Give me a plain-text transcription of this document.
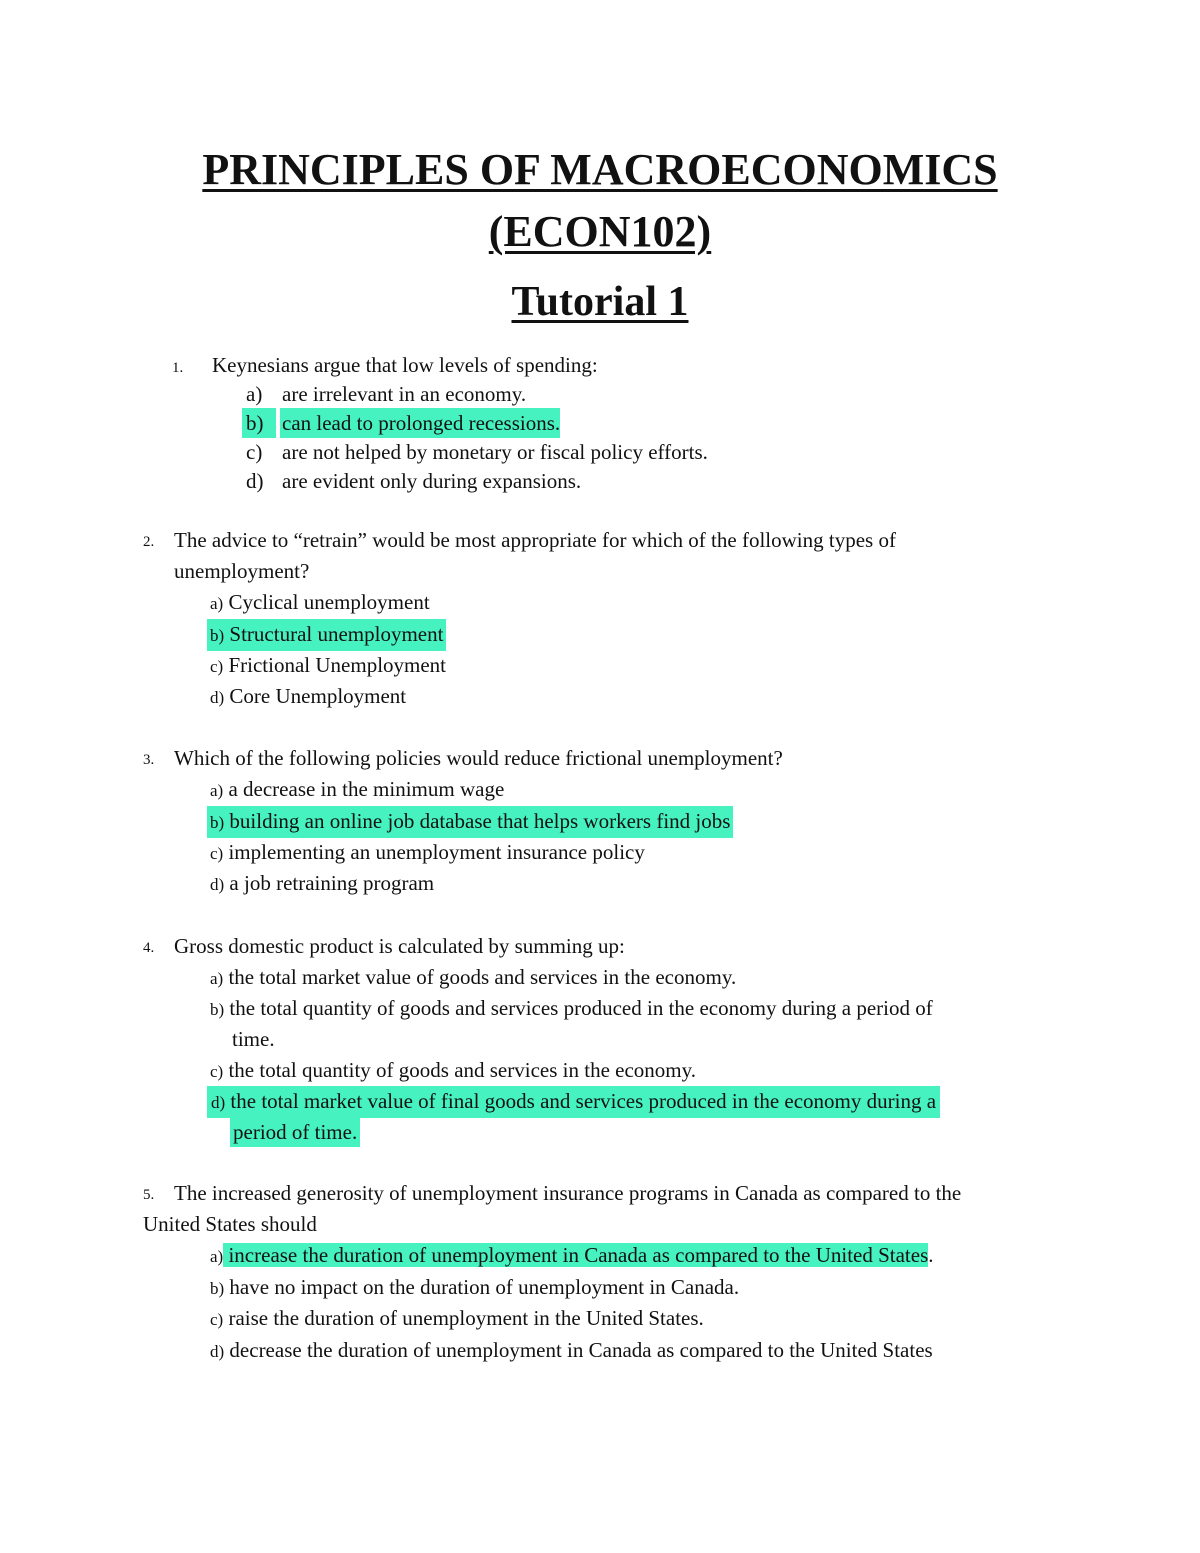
PRINCIPLES OF MACROECONOMICS
(ECON102)
Tutorial 1
1. Keynesians argue that low levels of spending:
a) are irrelevant in an economy.
b) can lead to prolonged recessions.
c) are not helped by monetary or fiscal policy efforts.
d) are evident only during expansions.
2. The advice to “retrain” would be most appropriate for which of the following types of
unemployment?
a) Cyclical unemployment
b) Structural unemployment
c) Frictional Unemployment
d) Core Unemployment
3. Which of the following policies would reduce frictional unemployment?
a) a decrease in the minimum wage
b) building an online job database that helps workers find jobs
c) implementing an unemployment insurance policy
d) a job retraining program
4. Gross domestic product is calculated by summing up:
a) the total market value of goods and services in the economy.
b) the total quantity of goods and services produced in the economy during a period of
time.
c) the total quantity of goods and services in the economy.
d) the total market value of final goods and services produced in the economy during a
period of time.
5. The increased generosity of unemployment insurance programs in Canada as compared to the
United States should
a) increase the duration of unemployment in Canada as compared to the United States.
b) have no impact on the duration of unemployment in Canada.
c) raise the duration of unemployment in the United States.
d) decrease the duration of unemployment in Canada as compared to the United States
